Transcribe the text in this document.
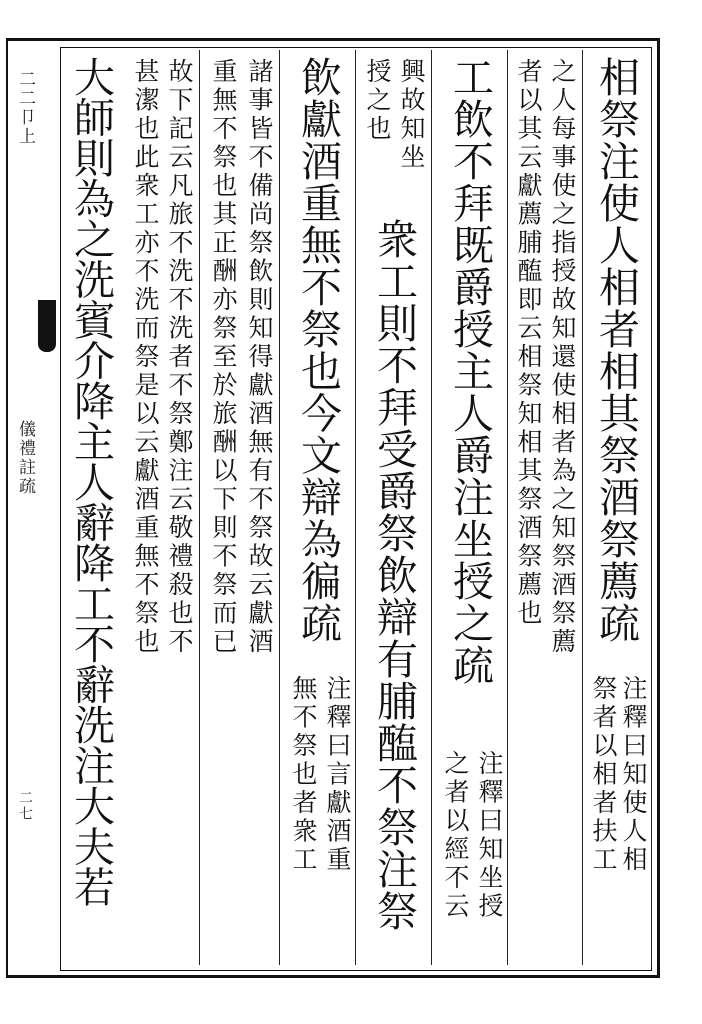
二二卩上
儀禮註疏
二七
相祭注使人相者相其祭酒祭薦疏
注釋曰知使人相
祭者以相者扶工
之人每事使之指授故知還使相者為之知祭酒祭薦
者以其云獻薦脯醢即云相祭知相其祭酒祭薦也
工飲不拜既爵授主人爵注坐授之疏
注釋曰知坐授
之者以經不云
興故知坐
授之也
衆工則不拜受爵祭飲辯有脯醢不祭注祭
飲獻酒重無不祭也今文辯為徧疏
注釋曰言獻酒重
無不祭也者衆工
諸事皆不備尚祭飲則知得獻酒無有不祭故云獻酒
重無不祭也其正酬亦祭至於旅酬以下則不祭而已
故下記云凡旅不洗不洗者不祭鄭注云敬禮殺也不
甚潔也此衆工亦不洗而祭是以云獻酒重無不祭也
大師則為之洗賓介降主人辭降工不辭洗注大夫若
